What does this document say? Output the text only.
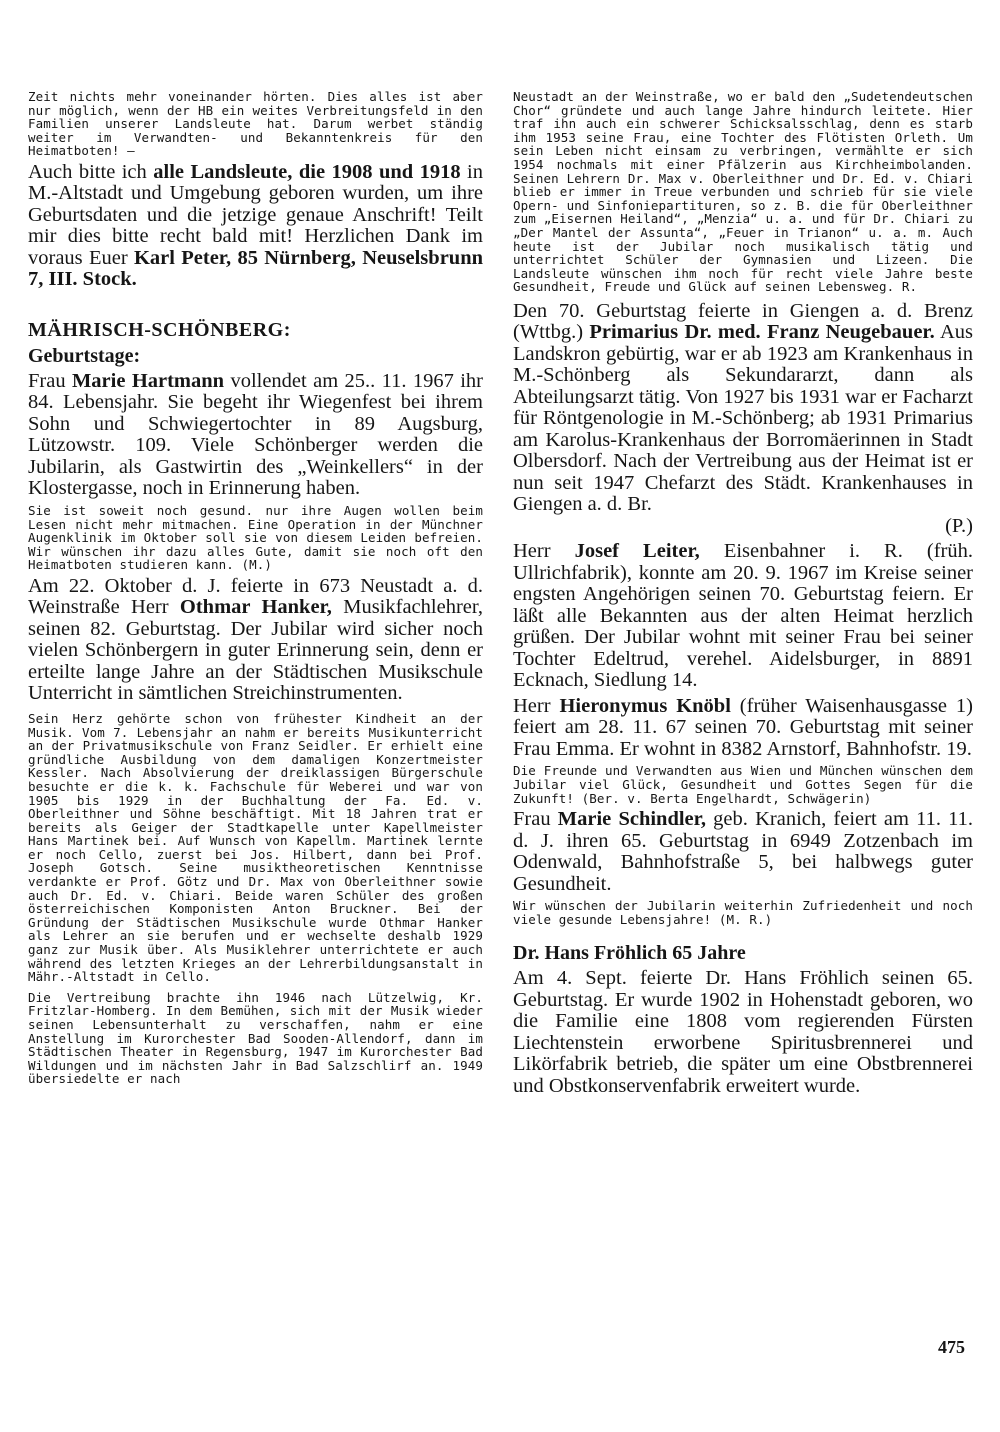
Zeit nichts mehr voneinander hörten. Dies alles ist aber nur möglich, wenn der HB ein weites Verbreitungsfeld in den Familien unserer Landsleute hat. Darum werbet ständig weiter im Verwandten- und Bekanntenkreis für den Heimatboten! —

Auch bitte ich alle Landsleute, die 1908 und 1918 in M.-Altstadt und Umgebung geboren wurden, um ihre Geburtsdaten und die jetzige genaue Anschrift! Teilt mir dies bitte recht bald mit! Herzlichen Dank im voraus Euer Karl Peter, 85 Nürnberg, Neuselsbrunn 7, III. Stock.

MÄHRISCH-SCHÖNBERG:
Geburtstage:

Frau Marie Hartmann vollendet am 25.. 11. 1967 ihr 84. Lebensjahr. Sie begeht ihr Wiegenfest bei ihrem Sohn und Schwiegertochter in 89 Augsburg, Lützowstr. 109. Viele Schönberger werden die Jubilarin, als Gastwirtin des „Weinkellers“ in der Klostergasse, noch in Erinnerung haben.

Sie ist soweit noch gesund. nur ihre Augen wollen beim Lesen nicht mehr mitmachen. Eine Operation in der Münchner Augenklinik im Oktober soll sie von diesem Leiden befreien. Wir wünschen ihr dazu alles Gute, damit sie noch oft den Heimatboten studieren kann. (M.)

Am 22. Oktober d. J. feierte in 673 Neustadt a. d. Weinstraße Herr Othmar Hanker, Musikfachlehrer, seinen 82. Geburtstag. Der Jubilar wird sicher noch vielen Schönbergern in guter Erinnerung sein, denn er erteilte lange Jahre an der Städtischen Musikschule Unterricht in sämtlichen Streichinstrumenten.

Sein Herz gehörte schon von frühester Kindheit an der Musik. Vom 7. Lebensjahr an nahm er bereits Musikunterricht an der Privatmusikschule von Franz Seidler. Er erhielt eine gründliche Ausbildung von dem damaligen Konzertmeister Kessler. Nach Absolvierung der dreiklassigen Bürgerschule besuchte er die k. k. Fachschule für Weberei und war von 1905 bis 1929 in der Buchhaltung der Fa. Ed. v. Oberleithner und Söhne beschäftigt. Mit 18 Jahren trat er bereits als Geiger der Stadtkapelle unter Kapellmeister Hans Martinek bei. Auf Wunsch von Kapellm. Martinek lernte er noch Cello, zuerst bei Jos. Hilbert, dann bei Prof. Joseph Gotsch. Seine musiktheoretischen Kenntnisse verdankte er Prof. Götz und Dr. Max von Oberleithner sowie auch Dr. Ed. v. Chiari. Beide waren Schüler des großen österreichischen Komponisten Anton Bruckner. Bei der Gründung der Städtischen Musikschule wurde Othmar Hanker als Lehrer an sie berufen und er wechselte deshalb 1929 ganz zur Musik über. Als Musiklehrer unterrichtete er auch während des letzten Krieges an der Lehrerbildungsanstalt in Mähr.-Altstadt in Cello.

Die Vertreibung brachte ihn 1946 nach Lützelwig, Kr. Fritzlar-Homberg. In dem Bemühen, sich mit der Musik wieder seinen Lebensunterhalt zu verschaffen, nahm er eine Anstellung im Kurorchester Bad Sooden-Allendorf, dann im Städtischen Theater in Regensburg, 1947 im Kurorchester Bad Wildungen und im nächsten Jahr in Bad Salzschlirf an. 1949 übersiedelte er nach

Neustadt an der Weinstraße, wo er bald den „Sudetendeutschen Chor“ gründete und auch lange Jahre hindurch leitete. Hier traf ihn auch ein schwerer Schicksalsschlag, denn es starb ihm 1953 seine Frau, eine Tochter des Flötisten Orleth. Um sein Leben nicht einsam zu verbringen, vermählte er sich 1954 nochmals mit einer Pfälzerin aus Kirchheimbolanden. Seinen Lehrern Dr. Max v. Oberleithner und Dr. Ed. v. Chiari blieb er immer in Treue verbunden und schrieb für sie viele Opern- und Sinfoniepartituren, so z. B. die für Oberleithner zum „Eisernen Heiland“, „Menzia“ u. a. und für Dr. Chiari zu „Der Mantel der Assunta“, „Feuer in Trianon“ u. a. m. Auch heute ist der Jubilar noch musikalisch tätig und unterrichtet Schüler der Gymnasien und Lizeen. Die Landsleute wünschen ihm noch für recht viele Jahre beste Gesundheit, Freude und Glück auf seinen Lebensweg. R.

Den 70. Geburtstag feierte in Giengen a. d. Brenz (Wttbg.) Primarius Dr. med. Franz Neugebauer. Aus Landskron gebürtig, war er ab 1923 am Krankenhaus in M.-Schönberg als Sekundararzt, dann als Abteilungsarzt tätig. Von 1927 bis 1931 war er Facharzt für Röntgenologie in M.-Schönberg; ab 1931 Primarius am Karolus-Krankenhaus der Borromäerinnen in Stadt Olbersdorf. Nach der Vertreibung aus der Heimat ist er nun seit 1947 Chefarzt des Städt. Krankenhauses in Giengen a. d. Br.

(P.)

Herr Josef Leiter, Eisenbahner i. R. (früh. Ullrichfabrik), konnte am 20. 9. 1967 im Kreise seiner engsten Angehörigen seinen 70. Geburtstag feiern. Er läßt alle Bekannten aus der alten Heimat herzlich grüßen. Der Jubilar wohnt mit seiner Frau bei seiner Tochter Edeltrud, verehel. Aidelsburger, in 8891 Ecknach, Siedlung 14.

Herr Hieronymus Knöbl (früher Waisenhausgasse 1) feiert am 28. 11. 67 seinen 70. Geburtstag mit seiner Frau Emma. Er wohnt in 8382 Arnstorf, Bahnhofstr. 19.

Die Freunde und Verwandten aus Wien und München wünschen dem Jubilar viel Glück, Gesundheit und Gottes Segen für die Zukunft! (Ber. v. Berta Engelhardt, Schwägerin)

Frau Marie Schindler, geb. Kranich, feiert am 11. 11. d. J. ihren 65. Geburtstag in 6949 Zotzenbach im Odenwald, Bahnhofstraße 5, bei halbwegs guter Gesundheit.

Wir wünschen der Jubilarin weiterhin Zufriedenheit und noch viele gesunde Lebensjahre! (M. R.)

Dr. Hans Fröhlich 65 Jahre

Am 4. Sept. feierte Dr. Hans Fröhlich seinen 65. Geburtstag. Er wurde 1902 in Hohenstadt geboren, wo die Familie eine 1808 vom regierenden Fürsten Liechtenstein erworbene Spiritusbrennerei und Likörfabrik betrieb, die später um eine Obstbrennerei und Obstkonservenfabrik erweitert wurde.

475
